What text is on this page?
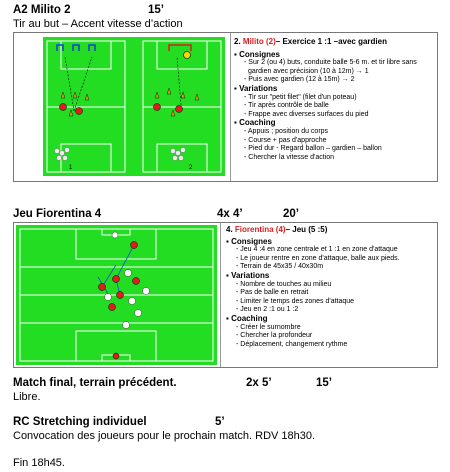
A2 Milito 2	15’
Tir au but – Accent vitesse d’action
1	2
2. Milito (2)– Exercice 1 :1 –avec gardien
▪ Consignes
- Sur 2 (ou 4) buts, conduite balle 5-6 m. et tir libre sans
gardien avec précision (10 à 12m) → 1
- Puis avec gardien (12 à 15m) → 2
▪ Variations
- Tir sur "petit filet" (filet d'un poteau)
- Tir après contrôle de balle
- Frappe avec diverses surfaces du pied
▪ Coaching
- Appuis ; position du corps
- Course + pas d'approche
- Pied dur - Regard ballon – gardien – ballon
- Chercher la vitesse d'action
Jeu Fiorentina 4	4x 4’	20’
4. Fiorentina (4)– Jeu (5 :5)
▪ Consignes
- Jeu 4 :4 en zone centrale et 1 :1 en zone d'attaque
- Le joueur rentre en zone d'attaque, balle aux pieds.
- Terrain de 45x35 / 40x30m
▪ Variations
- Nombre de touches au milieu
- Pas de balle en retrait
- Limiter le temps des zones d'attaque
- Jeu en 2 :1 ou 1 :2
▪ Coaching
- Créer le surnombre
- Chercher la profondeur
- Déplacement, changement rythme
Match final, terrain précédent.	2x 5’	15’
Libre.
RC Stretching individuel	5’
Convocation des joueurs pour le prochain match. RDV 18h30.
Fin 18h45.
